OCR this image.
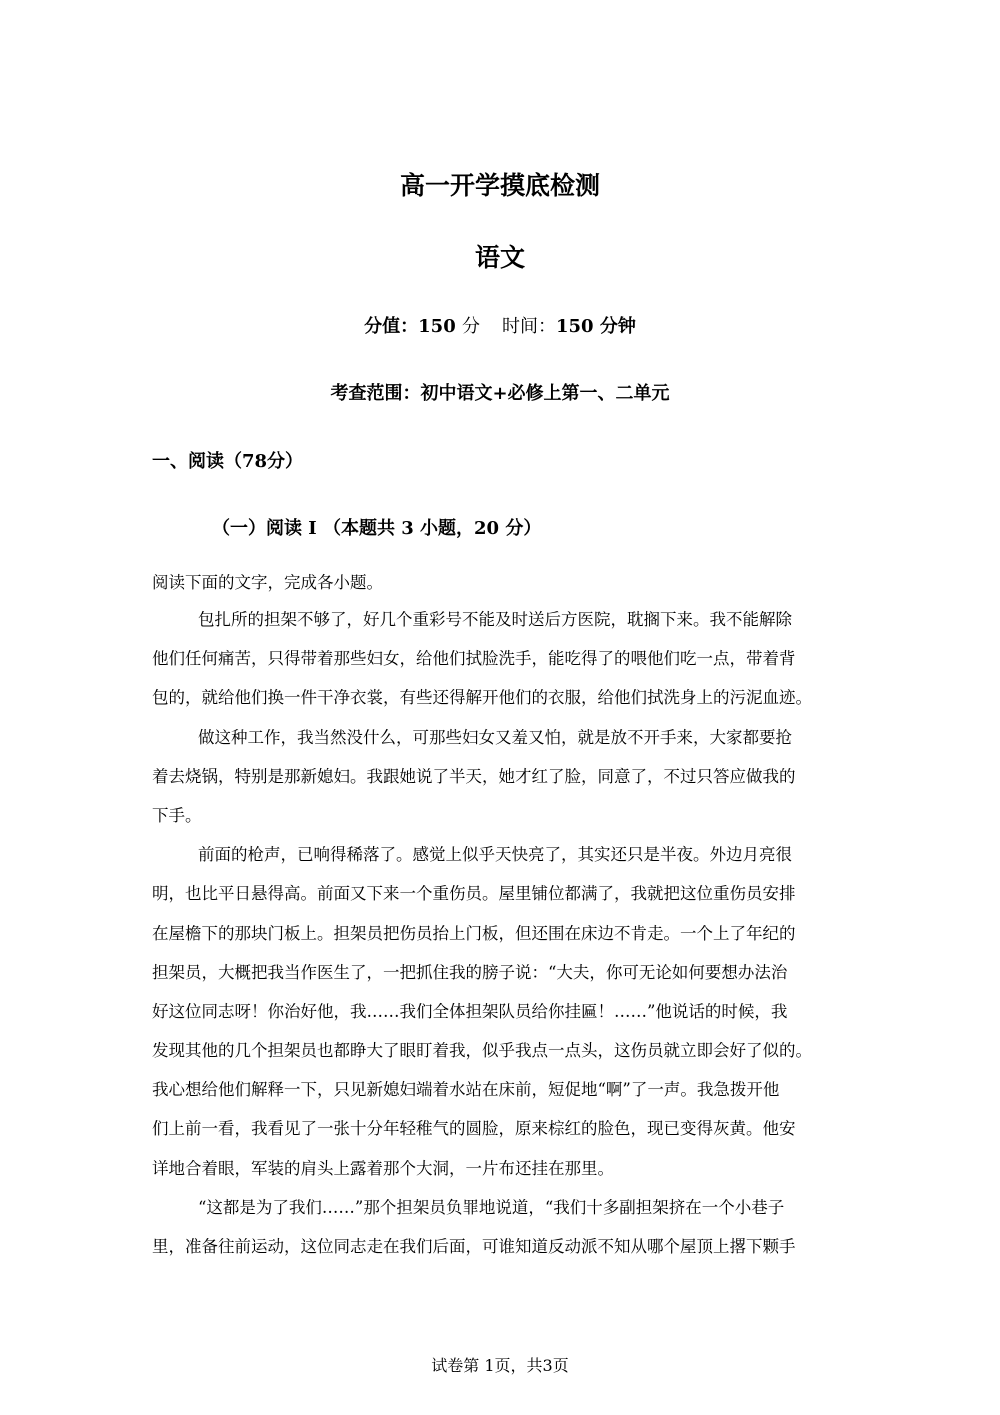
高一开学摸底检测
语文
分值：150 分 时间：150 分钟
考查范围：初中语文+必修上第一、二单元
一、阅读（78分）
（一）阅读 I （本题共 3 小题，20 分）
阅读下面的文字，完成各小题。
包扎所的担架不够了，好几个重彩号不能及时送后方医院，耽搁下来。我不能解除
他们任何痛苦，只得带着那些妇女，给他们拭脸洗手，能吃得了的喂他们吃一点，带着背
包的，就给他们换一件干净衣裳，有些还得解开他们的衣服，给他们拭洗身上的污泥血迹。
做这种工作，我当然没什么，可那些妇女又羞又怕，就是放不开手来，大家都要抢
着去烧锅，特别是那新媳妇。我跟她说了半天，她才红了脸，同意了，不过只答应做我的
下手。
前面的枪声，已响得稀落了。感觉上似乎天快亮了，其实还只是半夜。外边月亮很
明，也比平日悬得高。前面又下来一个重伤员。屋里铺位都满了，我就把这位重伤员安排
在屋檐下的那块门板上。担架员把伤员抬上门板，但还围在床边不肯走。一个上了年纪的
担架员，大概把我当作医生了，一把抓住我的膀子说：“大夫，你可无论如何要想办法治
好这位同志呀！你治好他，我……我们全体担架队员给你挂匾！……”他说话的时候，我
发现其他的几个担架员也都睁大了眼盯着我，似乎我点一点头，这伤员就立即会好了似的。
我心想给他们解释一下，只见新媳妇端着水站在床前，短促地“啊”了一声。我急拨开他
们上前一看，我看见了一张十分年轻稚气的圆脸，原来棕红的脸色，现已变得灰黄。他安
详地合着眼，军装的肩头上露着那个大洞，一片布还挂在那里。
“这都是为了我们……”那个担架员负罪地说道，“我们十多副担架挤在一个小巷子
里，准备往前运动，这位同志走在我们后面，可谁知道反动派不知从哪个屋顶上撂下颗手
试卷第 1页，共3页
